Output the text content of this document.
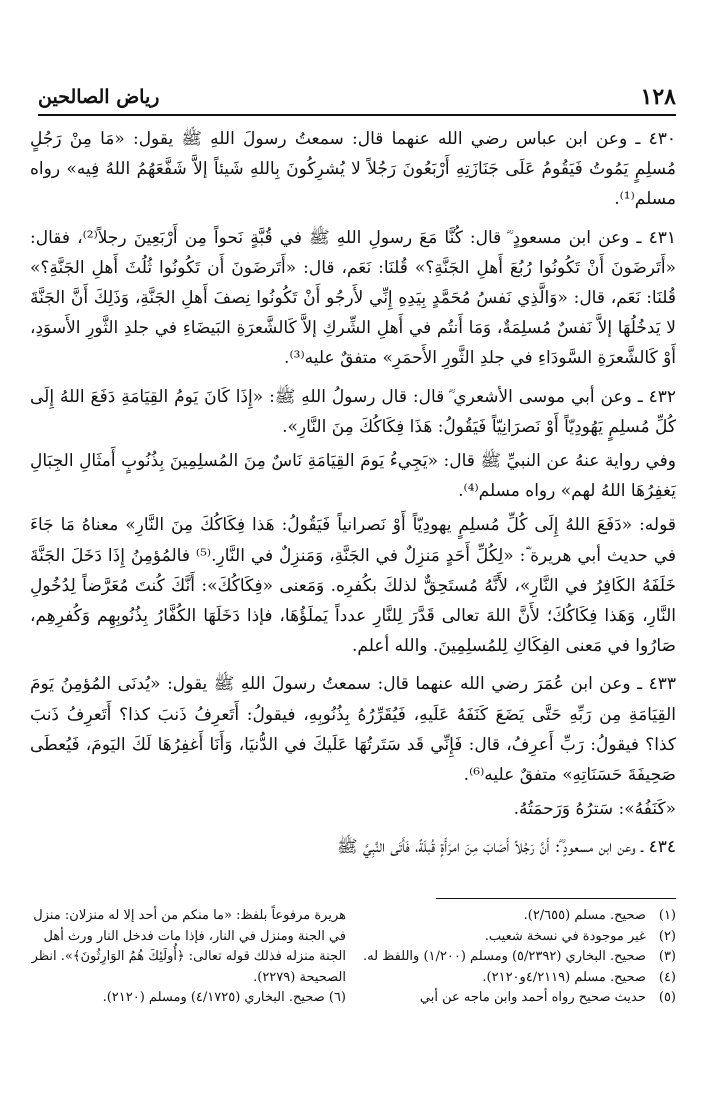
١٢٨
رياض الصالحين

٤٣٠ ـ وعن ابن عباس رضي الله عنهما قال: سمعتُ رسولَ اللهِ ﷺ يقول: «مَا مِنْ رَجُلٍ مُسلِمٍ يَمُوتُ فَيَقُومُ عَلَى جَنَازَتِهِ أَرْبَعُونَ رَجُلاً لا يُشرِكُونَ بِاللهِ شَيئاً إلاَّ شَفَّعَهُمُ اللهُ فِيه» رواه مسلم⁽¹⁾.

٤٣١ ـ وعن ابن مسعودٍ ؓ قال: كُنَّا مَعَ رسولِ اللهِ ﷺ في قُبَّةٍ نَحواً مِن أَرْبَعِينَ رجلاً⁽²⁾، فقال: «أَتَرضَونَ أَنْ تَكُونُوا رُبُعَ أَهلِ الجَنَّةِ؟» قُلنَا: نَعَم، قال: «أَتَرضَونَ أَن تَكُونُوا ثُلُثَ أَهلِ الجَنَّةِ؟» قُلنَا: نَعَم، قال: «وَالَّذِي نَفسُ مُحَمَّدٍ بِيَدِهِ إِنِّي لأَرجُو أَنْ تَكُونُوا نِصفَ أَهلِ الجَنَّةِ، وَذَلِكَ أَنَّ الجَنَّةَ لا يَدخُلُهَا إلاَّ نَفسٌ مُسلِمَةٌ، وَمَا أَنتُم في أَهلِ الشِّركِ إلاَّ كَالشَّعرَةِ البَيضَاءِ في جلدِ الثَّورِ الأَسوَدِ، أَوْ كَالشَّعرَةِ السَّودَاءِ في جلدِ الثَّورِ الأَحمَرِ» متفقٌ عليه⁽³⁾.

٤٣٢ ـ وعن أبي موسى الأشعري ؓ قال: قال رسولُ اللهِ ﷺ: «إِذَا كَانَ يَومُ القِيَامَةِ دَفَعَ اللهُ إِلَى كُلِّ مُسلِمٍ يَهُودِيّاً أَوْ نَصرَانِيّاً فَيَقُولُ: هَذَا فِكَاكُكَ مِنَ النَّارِ».

وفي رواية عنهُ عن النبيِّ ﷺ قال: «يَجِيءُ يَومَ القِيَامَةِ نَاسٌ مِنَ المُسلِمِينَ بِذُنُوبٍ أَمثَالِ الجِبَالِ يَغفِرُهَا اللهُ لهم» رواه مسلم⁽⁴⁾.

قوله: «دَفَعَ اللهُ إِلَى كُلِّ مُسلِمٍ يهودِيّاً أَوْ نَصرانياً فَيَقُولُ: هَذا فِكَاكُكَ مِنَ النَّارِ» معناهُ مَا جَاءَ في حديث أبي هريرة ؓ: «لِكُلِّ أَحَدٍ مَنزِلٌ في الجَنَّةِ، وَمَنزِلٌ في النَّارِ.⁽⁵⁾ فالمُؤمِنُ إِذَا دَخَلَ الجَنَّةَ خَلَفَهُ الكَافِرُ في النَّارِ»، لأَنَّهُ مُستَحِقٌّ لذلكَ بكُفرِه. وَمَعنى «فِكَاكُكَ»: أَنَّكَ كُنتَ مُعَرَّضاً لِدُخُولِ النَّارِ، وَهَذا فِكَاكُكَ؛ لأَنَّ اللهَ تعالى قَدَّرَ لِلنَّارِ عدداً يَملَؤُهَا، فإذا دَخَلَهَا الكُفَّارُ بِذُنُوبِهِم وَكُفرِهِم، صَارُوا في مَعنى الفِكَاكِ لِلمُسلِمِينَ. والله أعلم.

٤٣٣ ـ وعن ابن عُمَرَ رضي الله عنهما قال: سمعتُ رسولَ اللهِ ﷺ يقول: «يُدنَى المُؤمِنُ يَومَ القِيَامَةِ مِن رَبِّهِ حَتَّى يَضَعَ كَنَفَهُ عَلَيهِ، فَيُقَرِّرُهُ بِذُنُوبِهِ، فيقولُ: أَتَعرِفُ ذَنبَ كذا؟ أَتَعرِفُ ذَنبَ كذا؟ فيقولُ: رَبِّ أَعرِفُ، قال: فَإِنِّي قَد سَتَرتُهَا عَلَيكَ في الدُّنيَا، وَأَنَا أَغفِرُهَا لَكَ اليَومَ، فَيُعطَى صَحِيفَةَ حَسَنَاتِهِ» متفقٌ عليه⁽⁶⁾.

«كَنَفُهُ»: سَترُهُ وَرَحمَتُهُ.

٤٣٤ ـ وعن ابن مسعودٍ ؓ: أَنَّ رَجُلاً أَصَابَ مِنَ امرَأَةٍ قُبلَةً، فَأَتَى النَّبِيَّ ﷺ

(١) صحيح. مسلم (٢/٦٥٥).

(٢) غير موجودة في نسخة شعيب.

(٣) صحيح. البخاري (٥/٢٣٩٢) ومسلم (١/٢٠٠) واللفظ له.

(٤) صحيح. مسلم (٤/٢١١٩و٢١٢٠).

(٥) حديث صحيح رواه أحمد وابن ماجه عن أبي

هريرة مرفوعاً بلفظ: «ما منكم من أحد إلا له منزلان: منزل في الجنة ومنزل في النار، فإذا مات فدخل النار ورث أهل الجنة منزله فذلك قوله تعالى: ﴿أُولَئِكَ هُمُ الوَارِثُونَ﴾». انظر الصحيحة (٢٢٧٩).

(٦) صحيح. البخاري (٤/١٧٢٥) ومسلم (٢١٢٠).
